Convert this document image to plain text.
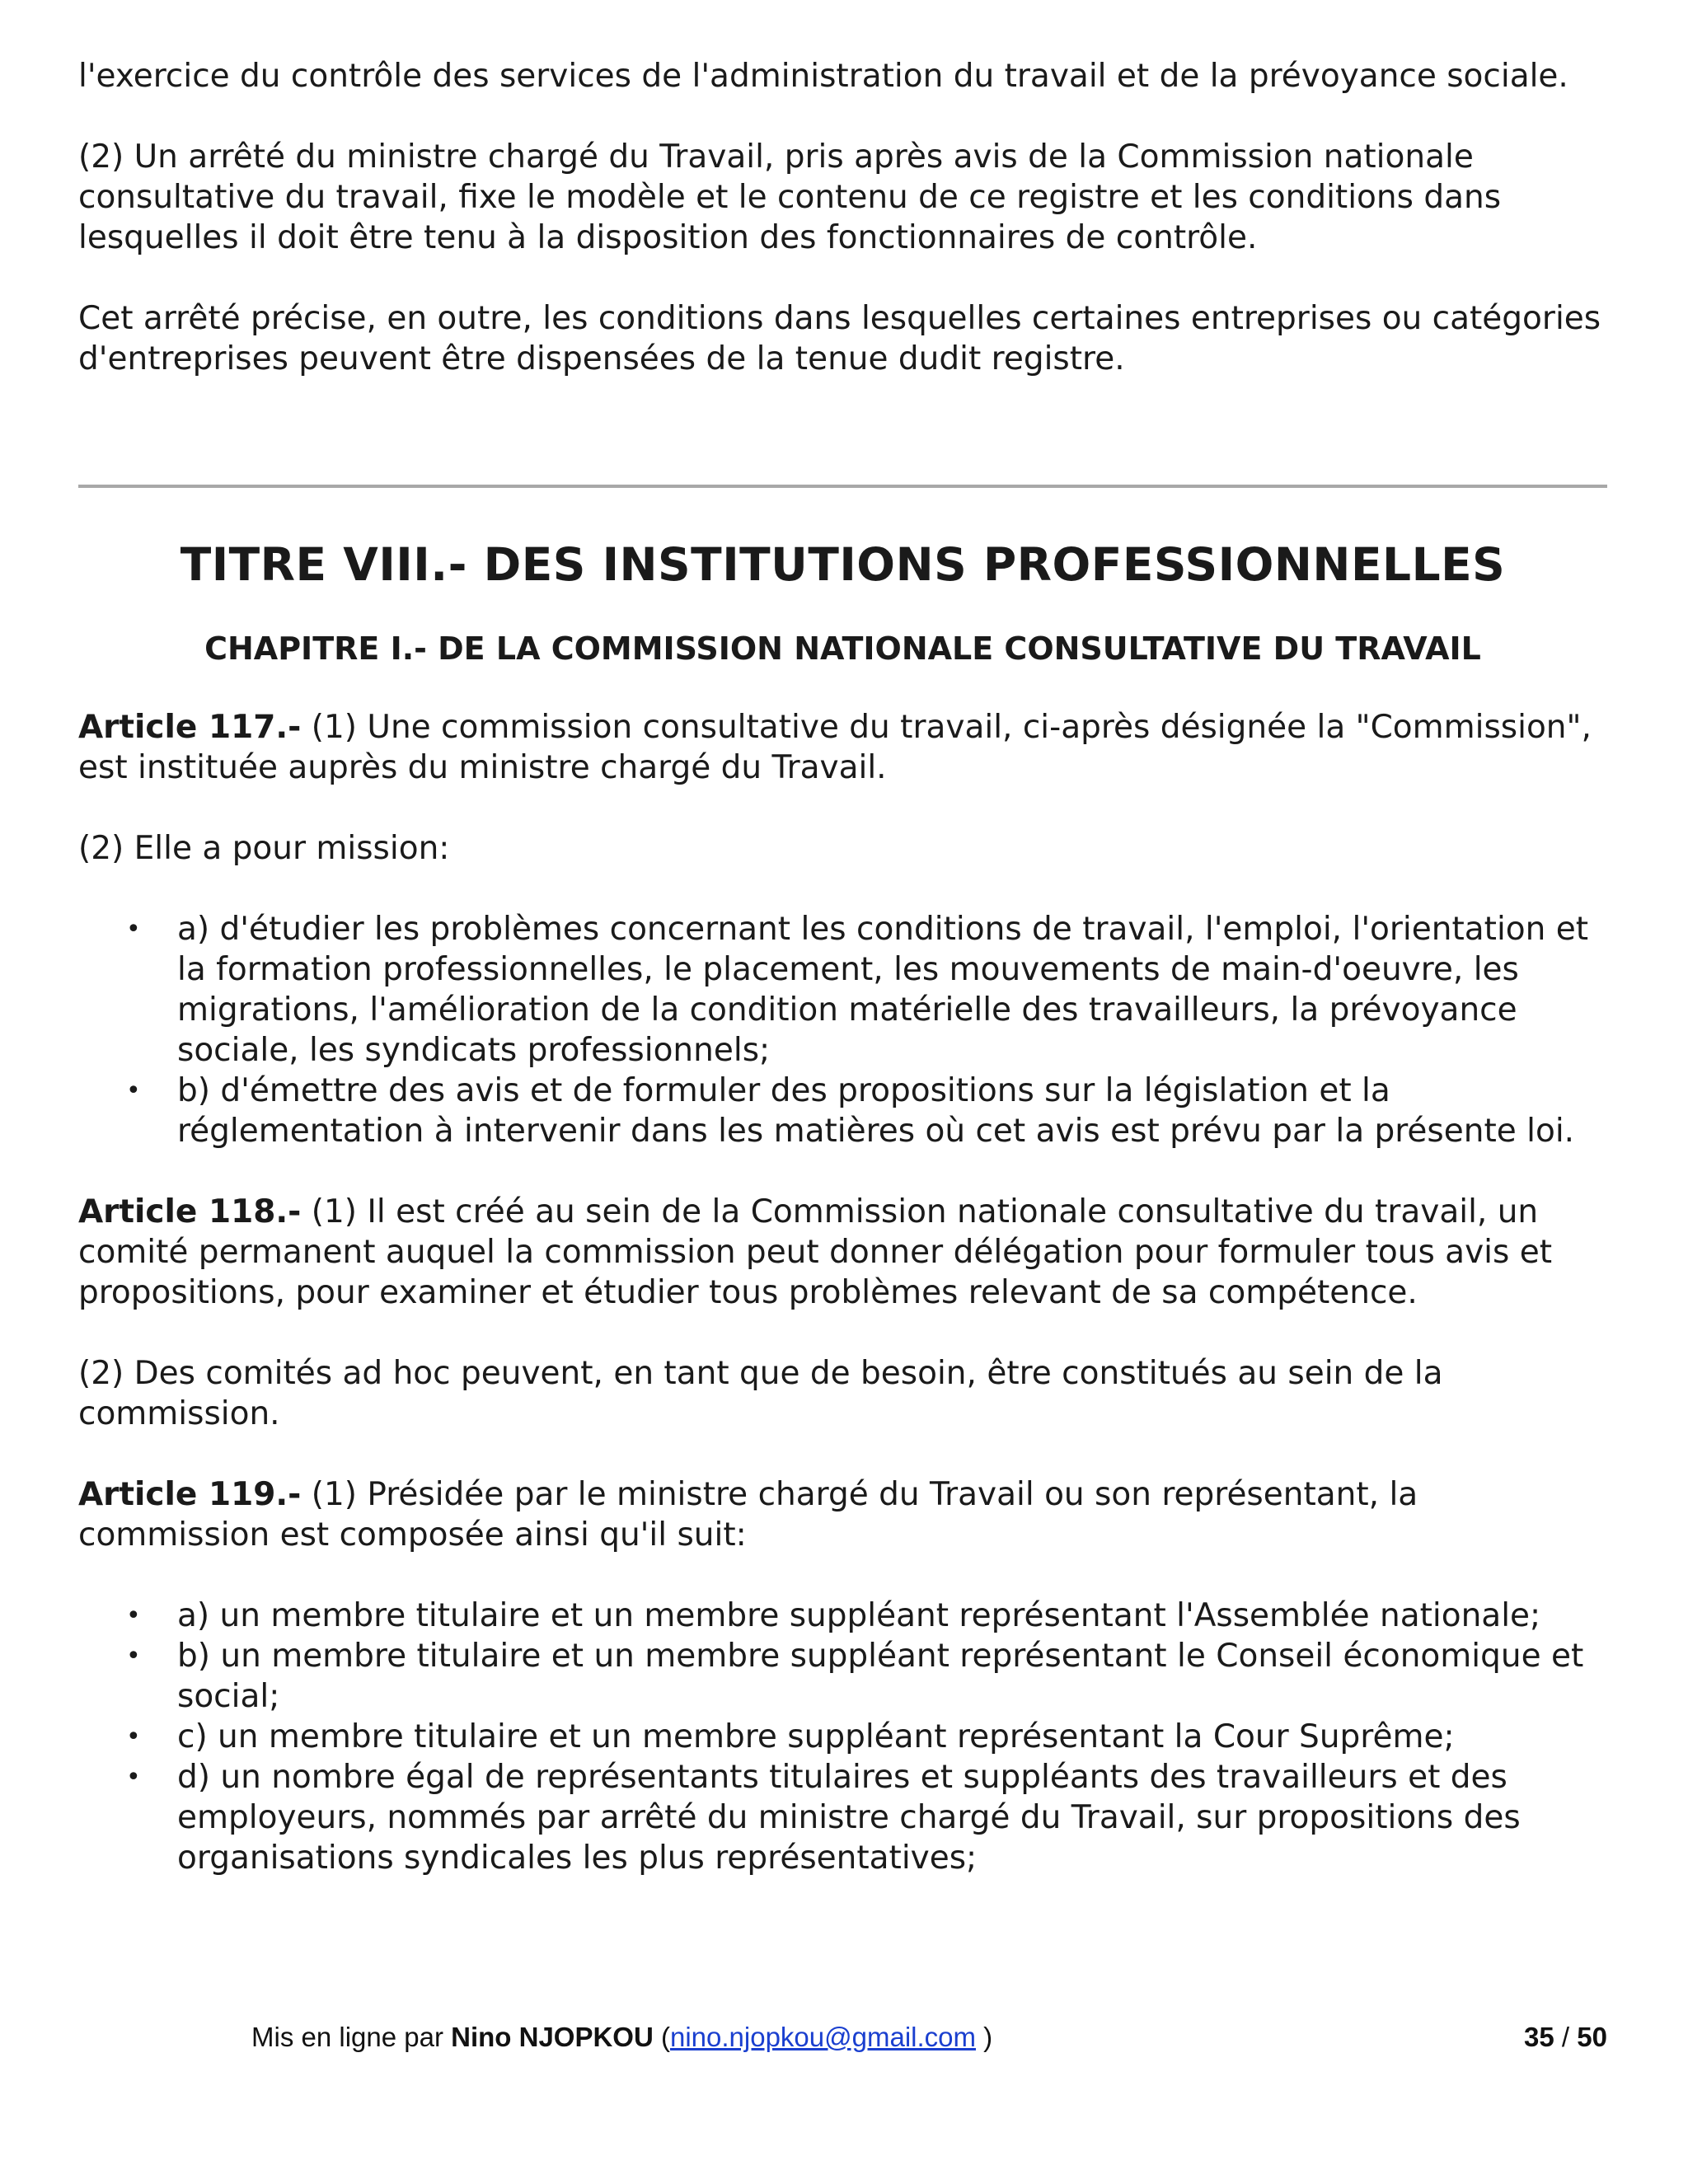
l'exercice du contrôle des services de l'administration du travail et de la prévoyance sociale.

(2) Un arrêté du ministre chargé du Travail, pris après avis de la Commission nationale consultative du travail, fixe le modèle et le contenu de ce registre et les conditions dans lesquelles il doit être tenu à la disposition des fonctionnaires de contrôle.

Cet arrêté précise, en outre, les conditions dans lesquelles certaines entreprises ou catégories d'entreprises peuvent être dispensées de la tenue dudit registre.

TITRE VIII.- DES INSTITUTIONS PROFESSIONNELLES
CHAPITRE I.- DE LA COMMISSION NATIONALE CONSULTATIVE DU TRAVAIL

Article 117.- (1) Une commission consultative du travail, ci-après désignée la "Commission", est instituée auprès du ministre chargé du Travail.

(2) Elle a pour mission:

• a) d'étudier les problèmes concernant les conditions de travail, l'emploi, l'orientation et la formation professionnelles, le placement, les mouvements de main-d'oeuvre, les migrations, l'amélioration de la condition matérielle des travailleurs, la prévoyance sociale, les syndicats professionnels;
• b) d'émettre des avis et de formuler des propositions sur la législation et la réglementation à intervenir dans les matières où cet avis est prévu par la présente loi.

Article 118.- (1) Il est créé au sein de la Commission nationale consultative du travail, un comité permanent auquel la commission peut donner délégation pour formuler tous avis et propositions, pour examiner et étudier tous problèmes relevant de sa compétence.

(2) Des comités ad hoc peuvent, en tant que de besoin, être constitués au sein de la commission.

Article 119.- (1) Présidée par le ministre chargé du Travail ou son représentant, la commission est composée ainsi qu'il suit:

• a) un membre titulaire et un membre suppléant représentant l'Assemblée nationale;
• b) un membre titulaire et un membre suppléant représentant le Conseil économique et social;
• c) un membre titulaire et un membre suppléant représentant la Cour Suprême;
• d) un nombre égal de représentants titulaires et suppléants des travailleurs et des employeurs, nommés par arrêté du ministre chargé du Travail, sur propositions des organisations syndicales les plus représentatives;
Mis en ligne par Nino NJOPKOU (nino.njopkou@gmail.com )	35 / 50
